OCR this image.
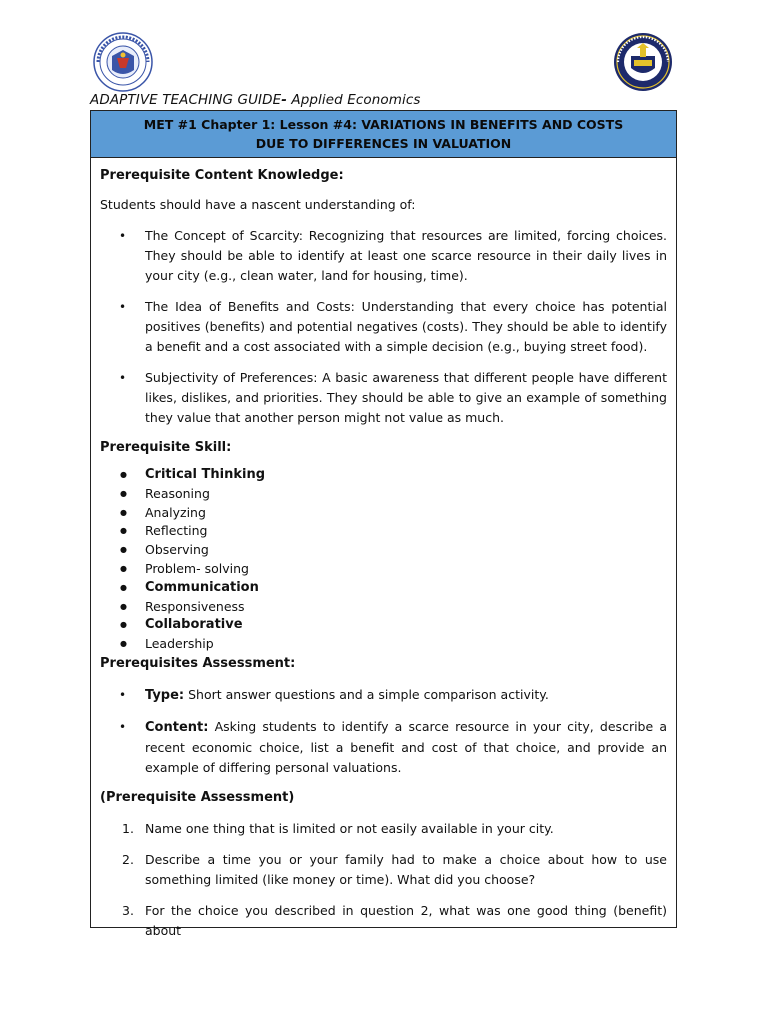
ADAPTIVE TEACHING GUIDE- Applied Economics
MET #1 Chapter 1: Lesson #4: VARIATIONS IN BENEFITS AND COSTS
DUE TO DIFFERENCES IN VALUATION

Prerequisite Content Knowledge:

Students should have a nascent understanding of:

• The Concept of Scarcity: Recognizing that resources are limited, forcing choices. They should be able to identify at least one scarce resource in their daily lives in your city (e.g., clean water, land for housing, time).
• The Idea of Benefits and Costs: Understanding that every choice has potential positives (benefits) and potential negatives (costs). They should be able to identify a benefit and a cost associated with a simple decision (e.g., buying street food).
• Subjectivity of Preferences: A basic awareness that different people have different likes, dislikes, and priorities. They should be able to give an example of something they value that another person might not value as much.

Prerequisite Skill:

● Critical Thinking
● Reasoning
● Analyzing
● Reflecting
● Observing
● Problem- solving
● Communication
● Responsiveness
● Collaborative
● Leadership

Prerequisites Assessment:

• Type: Short answer questions and a simple comparison activity.
• Content: Asking students to identify a scarce resource in your city, describe a recent economic choice, list a benefit and cost of that choice, and provide an example of differing personal valuations.

(Prerequisite Assessment)

1. Name one thing that is limited or not easily available in your city.
2. Describe a time you or your family had to make a choice about how to use something limited (like money or time). What did you choose?
3. For the choice you described in question 2, what was one good thing (benefit) about
